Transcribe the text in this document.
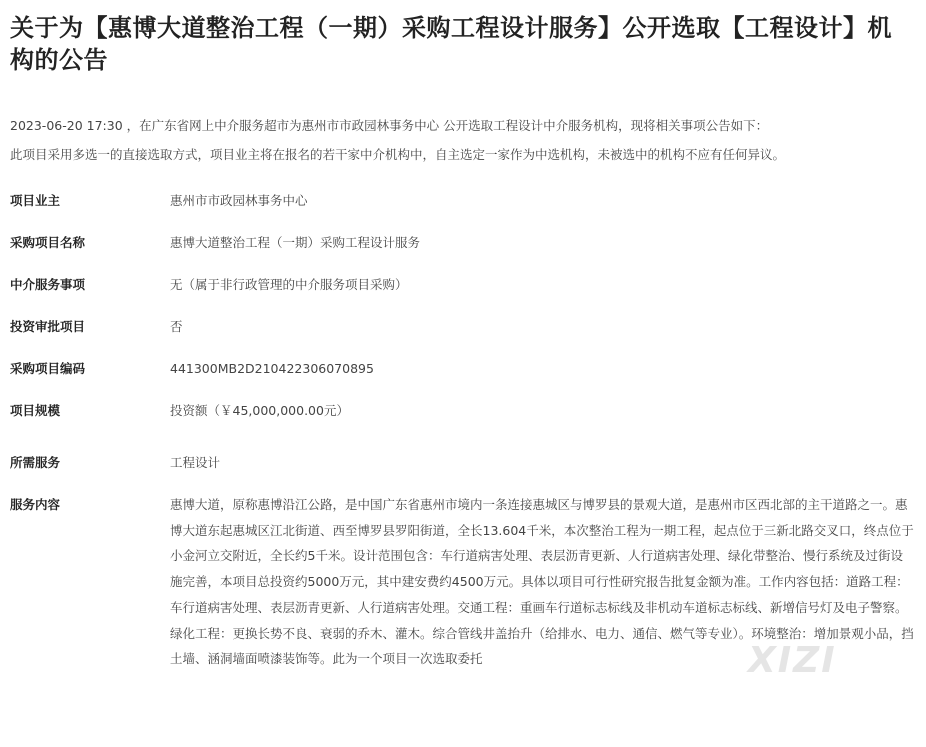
关于为【惠博大道整治工程（一期）采购工程设计服务】公开选取【工程设计】机构的公告
2023-06-20 17:30 ，在广东省网上中介服务超市为惠州市市政园林事务中心 公开选取工程设计中介服务机构，现将相关事项公告如下：
此项目采用多选一的直接选取方式，项目业主将在报名的若干家中介机构中，自主选定一家作为中选机构，未被选中的机构不应有任何异议。
项目业主	惠州市市政园林事务中心
采购项目名称	惠博大道整治工程（一期）采购工程设计服务
中介服务事项	无（属于非行政管理的中介服务项目采购）
投资审批项目	否
采购项目编码	441300MB2D210422306070895
项目规模	投资额（￥45,000,000.00元）
所需服务	工程设计
服务内容	惠博大道，原称惠博沿江公路，是中国广东省惠州市境内一条连接惠城区与博罗县的景观大道，是惠州市区西北部的主干道路之一。惠博大道东起惠城区江北街道、西至博罗县罗阳街道，全长13.604千米，本次整治工程为一期工程，起点位于三新北路交叉口，终点位于小金河立交附近，全长约5千米。设计范围包含：车行道病害处理、表层沥青更新、人行道病害处理、绿化带整治、慢行系统及过街设施完善，本项目总投资约5000万元，其中建安费约4500万元。具体以项目可行性研究报告批复金额为准。工作内容包括：道路工程：车行道病害处理、表层沥青更新、人行道病害处理。交通工程：重画车行道标志标线及非机动车道标志标线、新增信号灯及电子警察。绿化工程：更换长势不良、衰弱的乔木、灌木。综合管线井盖抬升（给排水、电力、通信、燃气等专业）。环境整治：增加景观小品，挡土墙、涵洞墙面喷漆装饰等。此为一个项目一次选取委托	XIZI
